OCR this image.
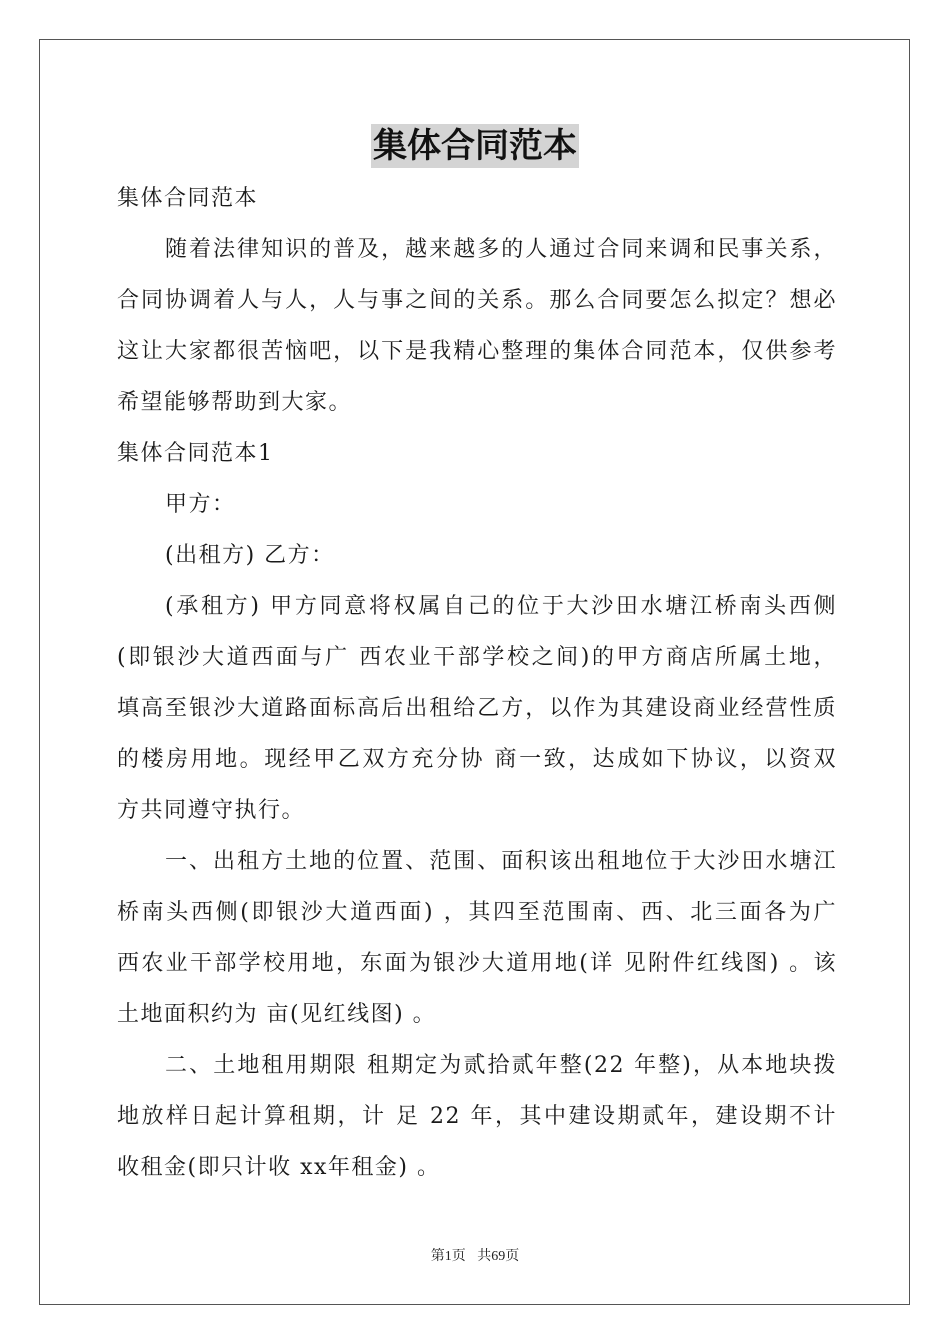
集体合同范本
集体合同范本
随着法律知识的普及，越来越多的人通过合同来调和民事关系，
合同协调着人与人，人与事之间的关系。那么合同要怎么拟定？想必
这让大家都很苦恼吧，以下是我精心整理的集体合同范本，仅供参考
希望能够帮助到大家。
集体合同范本1
甲方：
(出租方) 乙方：
(承租方) 甲方同意将权属自己的位于大沙田水塘江桥南头西侧
(即银沙大道西面与广 西农业干部学校之间)的甲方商店所属土地，
填高至银沙大道路面标高后出租给乙方，以作为其建设商业经营性质
的楼房用地。现经甲乙双方充分协 商一致，达成如下协议，以资双
方共同遵守执行。
一、出租方土地的位置、范围、面积该出租地位于大沙田水塘江
桥南头西侧(即银沙大道西面) ，其四至范围南、西、北三面各为广
西农业干部学校用地，东面为银沙大道用地(详 见附件红线图) 。该
土地面积约为 亩(见红线图) 。
二、土地租用期限 租期定为贰拾贰年整(22 年整)，从本地块拨
地放样日起计算租期，计 足 22 年，其中建设期贰年，建设期不计
收租金(即只计收 xx年租金) 。
第1页 共69页
